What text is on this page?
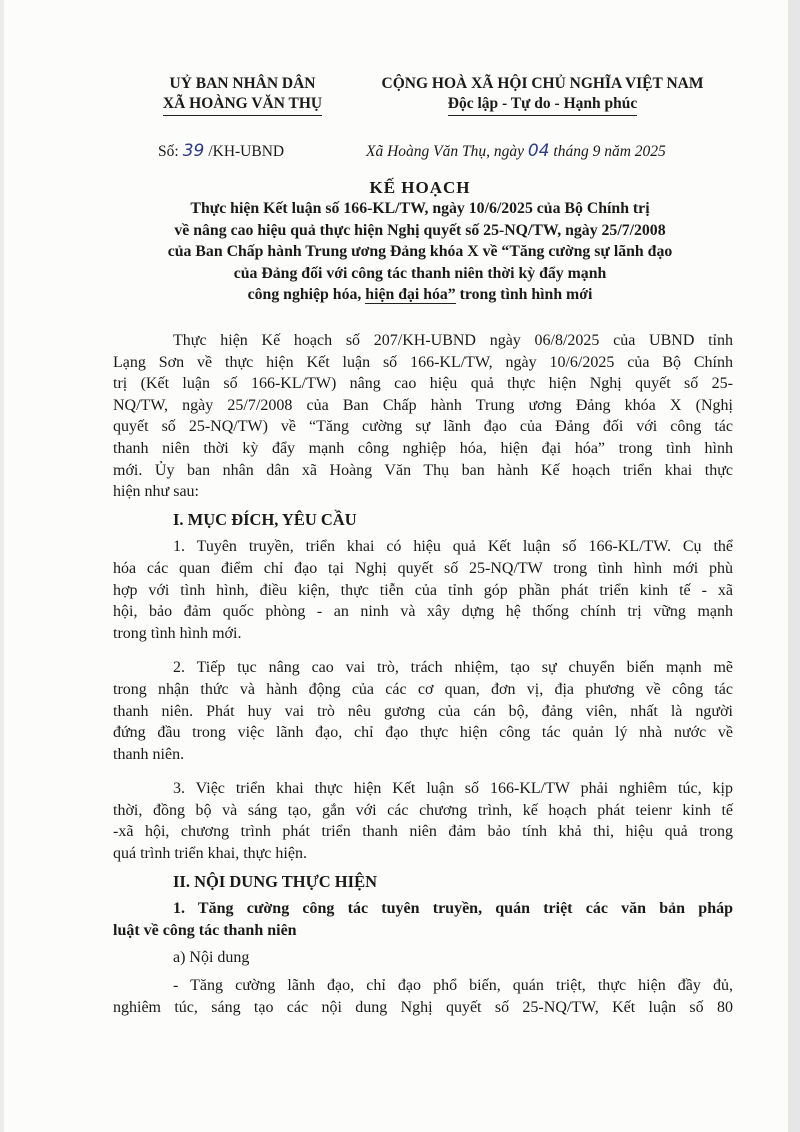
UỶ BAN NHÂN DÂN
XÃ HOÀNG VĂN THỤ
CỘNG HOÀ XÃ HỘI CHỦ NGHĨA VIỆT NAM
Độc lập - Tự do - Hạnh phúc
Số: 39 /KH-UBND	Xã Hoàng Văn Thụ, ngày 04 tháng 9 năm 2025
KẾ HOẠCH
Thực hiện Kết luận số 166-KL/TW, ngày 10/6/2025 của Bộ Chính trị
về nâng cao hiệu quả thực hiện Nghị quyết số 25-NQ/TW, ngày 25/7/2008
của Ban Chấp hành Trung ương Đảng khóa X về “Tăng cường sự lãnh đạo
của Đảng đối với công tác thanh niên thời kỳ đẩy mạnh
công nghiệp hóa, hiện đại hóa” trong tình hình mới
Thực hiện Kế hoạch số 207/KH-UBND ngày 06/8/2025 của UBND tỉnh
Lạng Sơn về thực hiện Kết luận số 166-KL/TW, ngày 10/6/2025 của Bộ Chính
trị (Kết luận số 166-KL/TW) nâng cao hiệu quả thực hiện Nghị quyết số 25-
NQ/TW, ngày 25/7/2008 của Ban Chấp hành Trung ương Đảng khóa X (Nghị
quyết số 25-NQ/TW) về “Tăng cường sự lãnh đạo của Đảng đối với công tác
thanh niên thời kỳ đẩy mạnh công nghiệp hóa, hiện đại hóa” trong tình hình
mới. Ủy ban nhân dân xã Hoàng Văn Thụ ban hành Kế hoạch triển khai thực
hiện như sau:
I. MỤC ĐÍCH, YÊU CẦU
1. Tuyên truyền, triển khai có hiệu quả Kết luận số 166-KL/TW. Cụ thể
hóa các quan điểm chỉ đạo tại Nghị quyết số 25-NQ/TW trong tình hình mới phù
hợp với tình hình, điều kiện, thực tiễn của tỉnh góp phần phát triển kinh tế - xã
hội, bảo đảm quốc phòng - an ninh và xây dựng hệ thống chính trị vững mạnh
trong tình hình mới.
2. Tiếp tục nâng cao vai trò, trách nhiệm, tạo sự chuyển biến mạnh mẽ
trong nhận thức và hành động của các cơ quan, đơn vị, địa phương về công tác
thanh niên. Phát huy vai trò nêu gương của cán bộ, đảng viên, nhất là người
đứng đầu trong việc lãnh đạo, chỉ đạo thực hiện công tác quản lý nhà nước về
thanh niên.
3. Việc triển khai thực hiện Kết luận số 166-KL/TW phải nghiêm túc, kịp
thời, đồng bộ và sáng tạo, gắn với các chương trình, kế hoạch phát teienr kinh tế
-xã hội, chương trình phát triển thanh niên đảm bảo tính khả thi, hiệu quả trong
quá trình triển khai, thực hiện.
II. NỘI DUNG THỰC HIỆN
1. Tăng cường công tác tuyên truyền, quán triệt các văn bản pháp
luật về công tác thanh niên
a) Nội dung
- Tăng cường lãnh đạo, chỉ đạo phổ biến, quán triệt, thực hiện đầy đủ,
nghiêm túc, sáng tạo các nội dung Nghị quyết số 25-NQ/TW, Kết luận số 80
